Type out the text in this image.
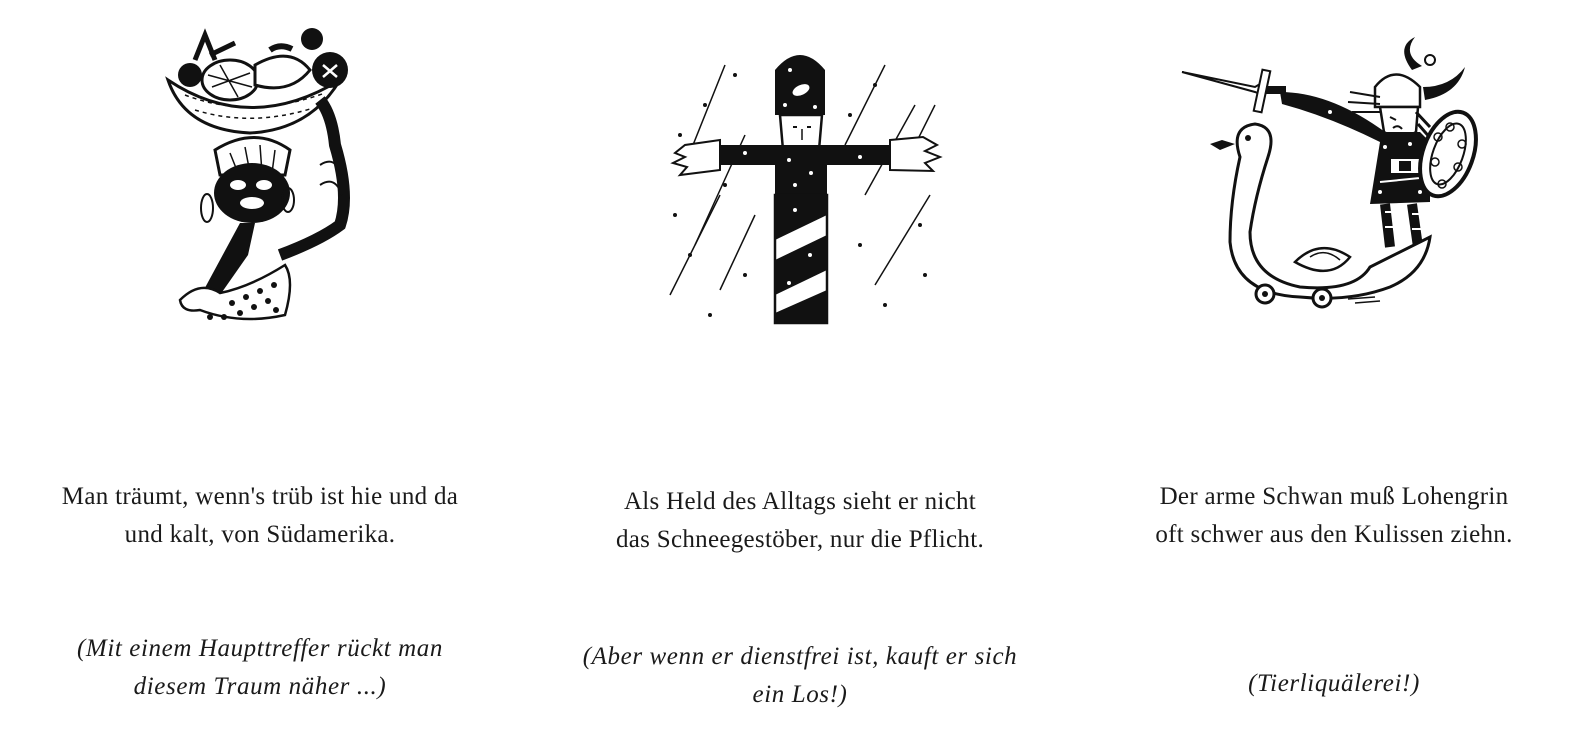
Man träumt, wenn's trüb ist hie und da
und kalt, von Südamerika.
(Mit einem Haupttreffer rückt man
diesem Traum näher ...)
Als Held des Alltags sieht er nicht
das Schneegestöber, nur die Pflicht.
(Aber wenn er dienstfrei ist, kauft er sich
ein Los!)
Der arme Schwan muß Lohengrin
oft schwer aus den Kulissen ziehn.
(Tierliquälerei!)
